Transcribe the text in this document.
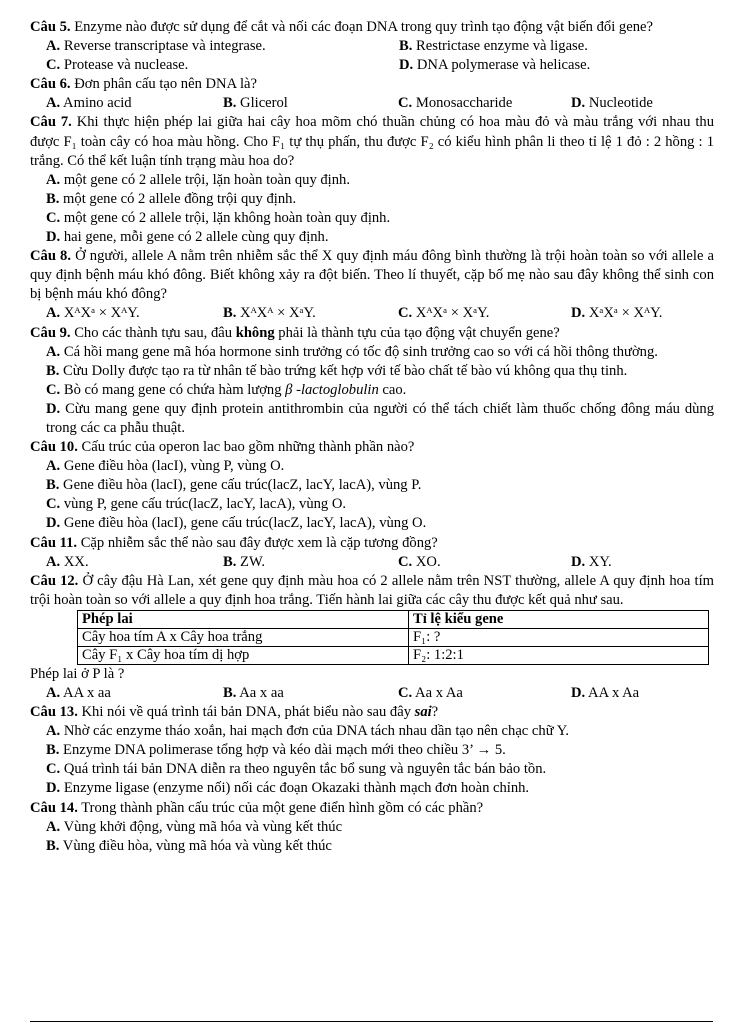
Câu 5. Enzyme nào được sử dụng để cắt và nối các đoạn DNA trong quy trình tạo động vật biến đổi gene?
A. Reverse transcriptase và integrase.	B. Restrictase enzyme và ligase.
C. Protease và nuclease.	D. DNA polymerase và helicase.
Câu 6. Đơn phân cấu tạo nên DNA là?
A. Amino acid	B. Glicerol	C. Monosaccharide	D. Nucleotide
Câu 7. Khi thực hiện phép lai giữa hai cây hoa mõm chó thuần chủng có hoa màu đỏ và màu trắng với nhau thu được F₁ toàn cây có hoa màu hồng. Cho F₁ tự thụ phấn, thu được F₂ có kiểu hình phân li theo tỉ lệ 1 đỏ : 2 hồng : 1 trắng. Có thể kết luận tính trạng màu hoa do?
A. một gene có 2 allele trội, lặn hoàn toàn quy định.
B. một gene có 2 allele đồng trội quy định.
C. một gene có 2 allele trội, lặn không hoàn toàn quy định.
D. hai gene, mỗi gene có 2 allele cùng quy định.
Câu 8. Ở người, allele A nằm trên nhiễm sắc thể X quy định máu đông bình thường là trội hoàn toàn so với allele a quy định bệnh máu khó đông. Biết không xảy ra đột biến. Theo lí thuyết, cặp bố mẹ nào sau đây không thể sinh con bị bệnh máu khó đông?
A. XᴬXᵃ × XᴬY.	B. XᴬXᴬ × XᵃY.	C. XᴬXᵃ × XᵃY.	D. XᵃXᵃ × XᴬY.
Câu 9. Cho các thành tựu sau, đâu không phải là thành tựu của tạo động vật chuyển gene?
A. Cá hồi mang gene mã hóa hormone sinh trưởng có tốc độ sinh trưởng cao so với cá hồi thông thường.
B. Cừu Dolly được tạo ra từ nhân tế bào trứng kết hợp với tế bào chất tế bào vú không qua thụ tinh.
C. Bò có mang gene có chứa hàm lượng β -lactoglobulin cao.
D. Cừu mang gene quy định protein antithrombin của người có thể tách chiết làm thuốc chống đông máu dùng trong các ca phẫu thuật.
Câu 10. Cấu trúc của operon lac bao gồm những thành phần nào?
A. Gene điều hòa (lacI), vùng P, vùng O.
B. Gene điều hòa (lacI), gene cấu trúc(lacZ, lacY, lacA), vùng P.
C. vùng P, gene cấu trúc(lacZ, lacY, lacA), vùng O.
D. Gene điều hòa (lacI), gene cấu trúc(lacZ, lacY, lacA), vùng O.
Câu 11. Cặp nhiễm sắc thể nào sau đây được xem là cặp tương đồng?
A. XX.	B. ZW.	C. XO.	D. XY.
Câu 12. Ở cây đậu Hà Lan, xét gene quy định màu hoa có 2 allele nằm trên NST thường, allele A quy định hoa tím trội hoàn toàn so với allele a quy định hoa trắng. Tiến hành lai giữa các cây thu được kết quả như sau.
Phép lai	Tỉ lệ kiểu gene
Cây hoa tím A x Cây hoa trắng	F₁: ?
Cây F₁ x Cây hoa tím dị hợp	F₂: 1:2:1
Phép lai ở P là ?
A. AA x aa	B. Aa x aa	C. Aa x Aa	D. AA x Aa
Câu 13. Khi nói về quá trình tái bản DNA, phát biểu nào sau đây sai?
A. Nhờ các enzyme tháo xoắn, hai mạch đơn của DNA tách nhau dần tạo nên chạc chữ Y.
B. Enzyme DNA polimerase tổng hợp và kéo dài mạch mới theo chiều 3’ → 5.
C. Quá trình tái bản DNA diễn ra theo nguyên tắc bổ sung và nguyên tắc bán bảo tồn.
D. Enzyme ligase (enzyme nối) nối các đoạn Okazaki thành mạch đơn hoàn chỉnh.
Câu 14. Trong thành phần cấu trúc của một gene điển hình gồm có các phần?
A. Vùng khởi động, vùng mã hóa và vùng kết thúc
B. Vùng điều hòa, vùng mã hóa và vùng kết thúc
